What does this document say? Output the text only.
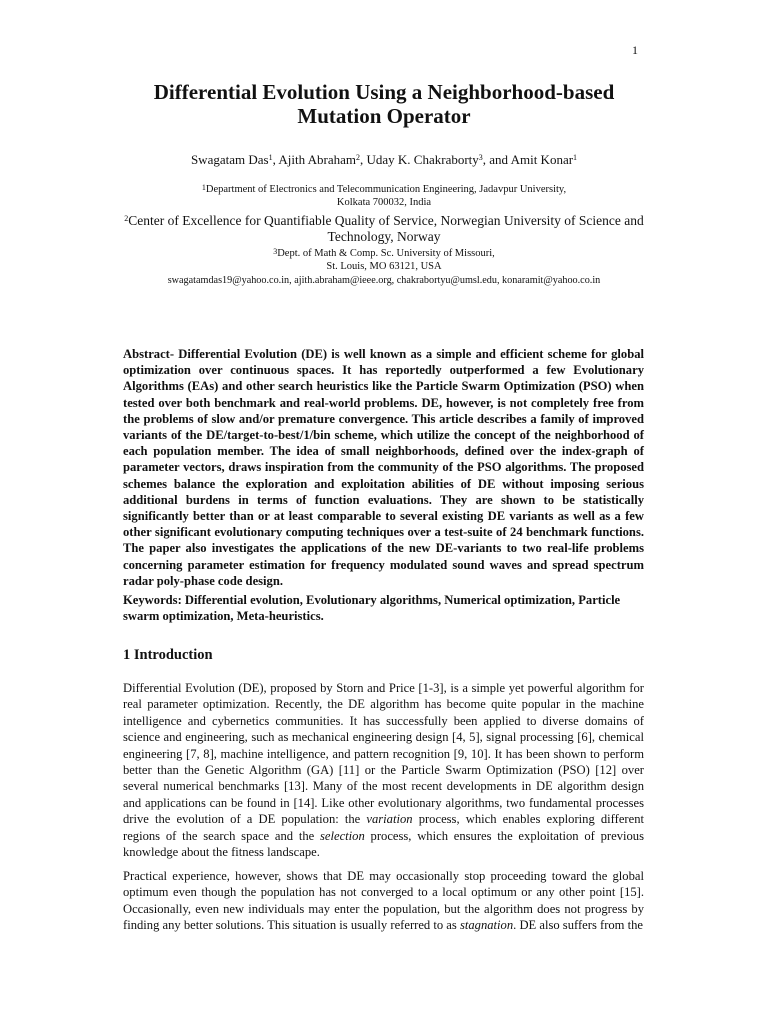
1
Differential Evolution Using a Neighborhood-based
Mutation Operator
Swagatam Das$^1$, Ajith Abraham$^2$, Uday K. Chakraborty$^3$, and Amit Konar$^1$
$^1$Department of Electronics and Telecommunication Engineering, Jadavpur University,
Kolkata 700032, India
$^2$Center of Excellence for Quantifiable Quality of Service, Norwegian University of Science and
Technology, Norway
$^3$Dept. of Math & Comp. Sc. University of Missouri,
St. Louis, MO 63121, USA
swagatamdas19@yahoo.co.in, ajith.abraham@ieee.org, chakrabortyu@umsl.edu, konaramit@yahoo.co.in

Abstract- Differential Evolution (DE) is well known as a simple and efficient scheme for global optimization over continuous spaces. It has reportedly outperformed a few Evolutionary Algorithms (EAs) and other search heuristics like the Particle Swarm Optimization (PSO) when tested over both benchmark and real-world problems. DE, however, is not completely free from the problems of slow and/or premature convergence. This article describes a family of improved variants of the DE/target-to-best/1/bin scheme, which utilize the concept of the neighborhood of each population member. The idea of small neighborhoods, defined over the index-graph of parameter vectors, draws inspiration from the community of the PSO algorithms. The proposed schemes balance the exploration and exploitation abilities of DE without imposing serious additional burdens in terms of function evaluations. They are shown to be statistically significantly better than or at least comparable to several existing DE variants as well as a few other significant evolutionary computing techniques over a test-suite of 24 benchmark functions. The paper also investigates the applications of the new DE-variants to two real-life problems concerning parameter estimation for frequency modulated sound waves and spread spectrum radar poly-phase code design.

Keywords: Differential evolution, Evolutionary algorithms, Numerical optimization, Particle swarm optimization, Meta-heuristics.

1 Introduction

Differential Evolution (DE), proposed by Storn and Price [1-3], is a simple yet powerful algorithm for real parameter optimization. Recently, the DE algorithm has become quite popular in the machine intelligence and cybernetics communities. It has successfully been applied to diverse domains of science and engineering, such as mechanical engineering design [4, 5], signal processing [6], chemical engineering [7, 8], machine intelligence, and pattern recognition [9, 10]. It has been shown to perform better than the Genetic Algorithm (GA) [11] or the Particle Swarm Optimization (PSO) [12] over several numerical benchmarks [13]. Many of the most recent developments in DE algorithm design and applications can be found in [14]. Like other evolutionary algorithms, two fundamental processes drive the evolution of a DE population: the variation process, which enables exploring different regions of the search space and the selection process, which ensures the exploitation of previous knowledge about the fitness landscape.

Practical experience, however, shows that DE may occasionally stop proceeding toward the global optimum even though the population has not converged to a local optimum or any other point [15]. Occasionally, even new individuals may enter the population, but the algorithm does not progress by finding any better solutions. This situation is usually referred to as stagnation. DE also suffers from the
